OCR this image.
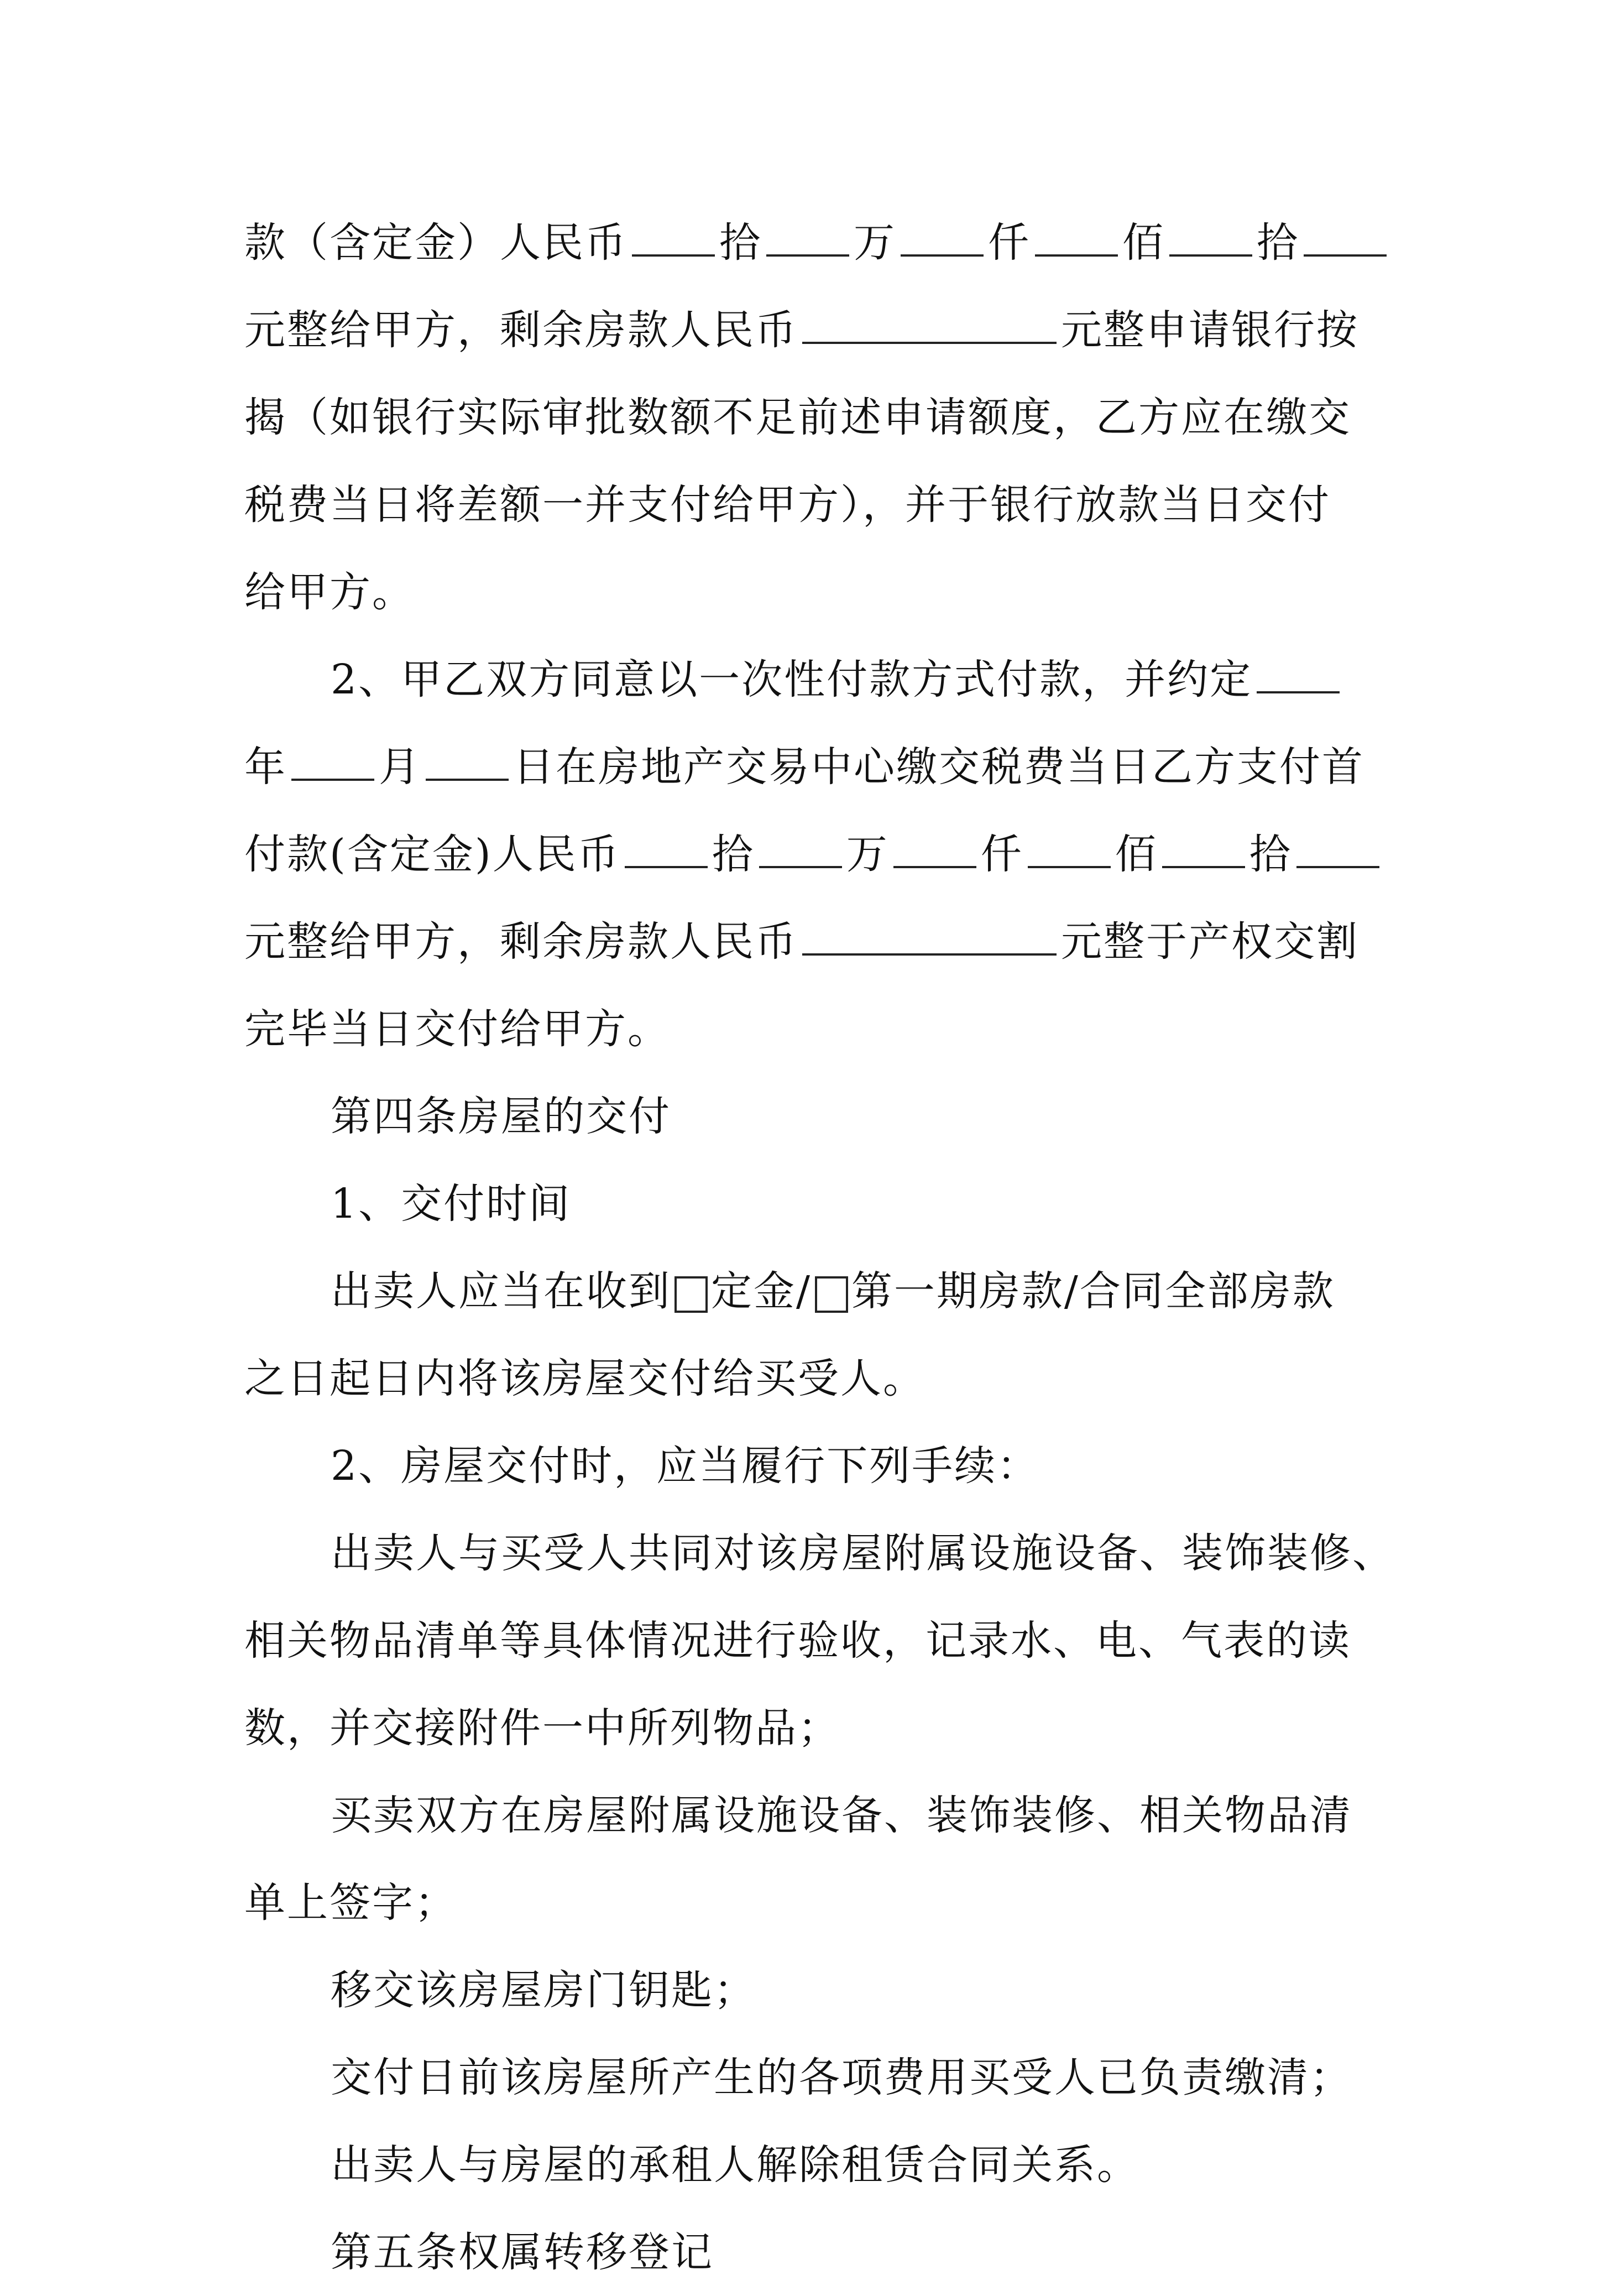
款（含定金）人民币 拾 万 仟 佰 拾
元整给甲方，剩余房款人民币	元整申请银行按
揭（如银行实际审批数额不足前述申请额度，乙方应在缴交
税费当日将差额一并支付给甲方），并于银行放款当日交付
给甲方。
2、甲乙双方同意以一次性付款方式付款，并约定
年 月 日在房地产交易中心缴交税费当日乙方支付首
付款(含定金)人民币 拾 万 仟 佰 拾
元整给甲方，剩余房款人民币	元整于产权交割
完毕当日交付给甲方。
第四条房屋的交付
1、交付时间
出卖人应当在收到 定金/ 第一期房款/合同全部房款
之日起日内将该房屋交付给买受人。
2、房屋交付时，应当履行下列手续：
出卖人与买受人共同对该房屋附属设施设备、装饰装修、
相关物品清单等具体情况进行验收，记录水、电、气表的读
数，并交接附件一中所列物品；
买卖双方在房屋附属设施设备、装饰装修、相关物品清
单上签字；
移交该房屋房门钥匙；
交付日前该房屋所产生的各项费用买受人已负责缴清；
出卖人与房屋的承租人解除租赁合同关系。
第五条权属转移登记
